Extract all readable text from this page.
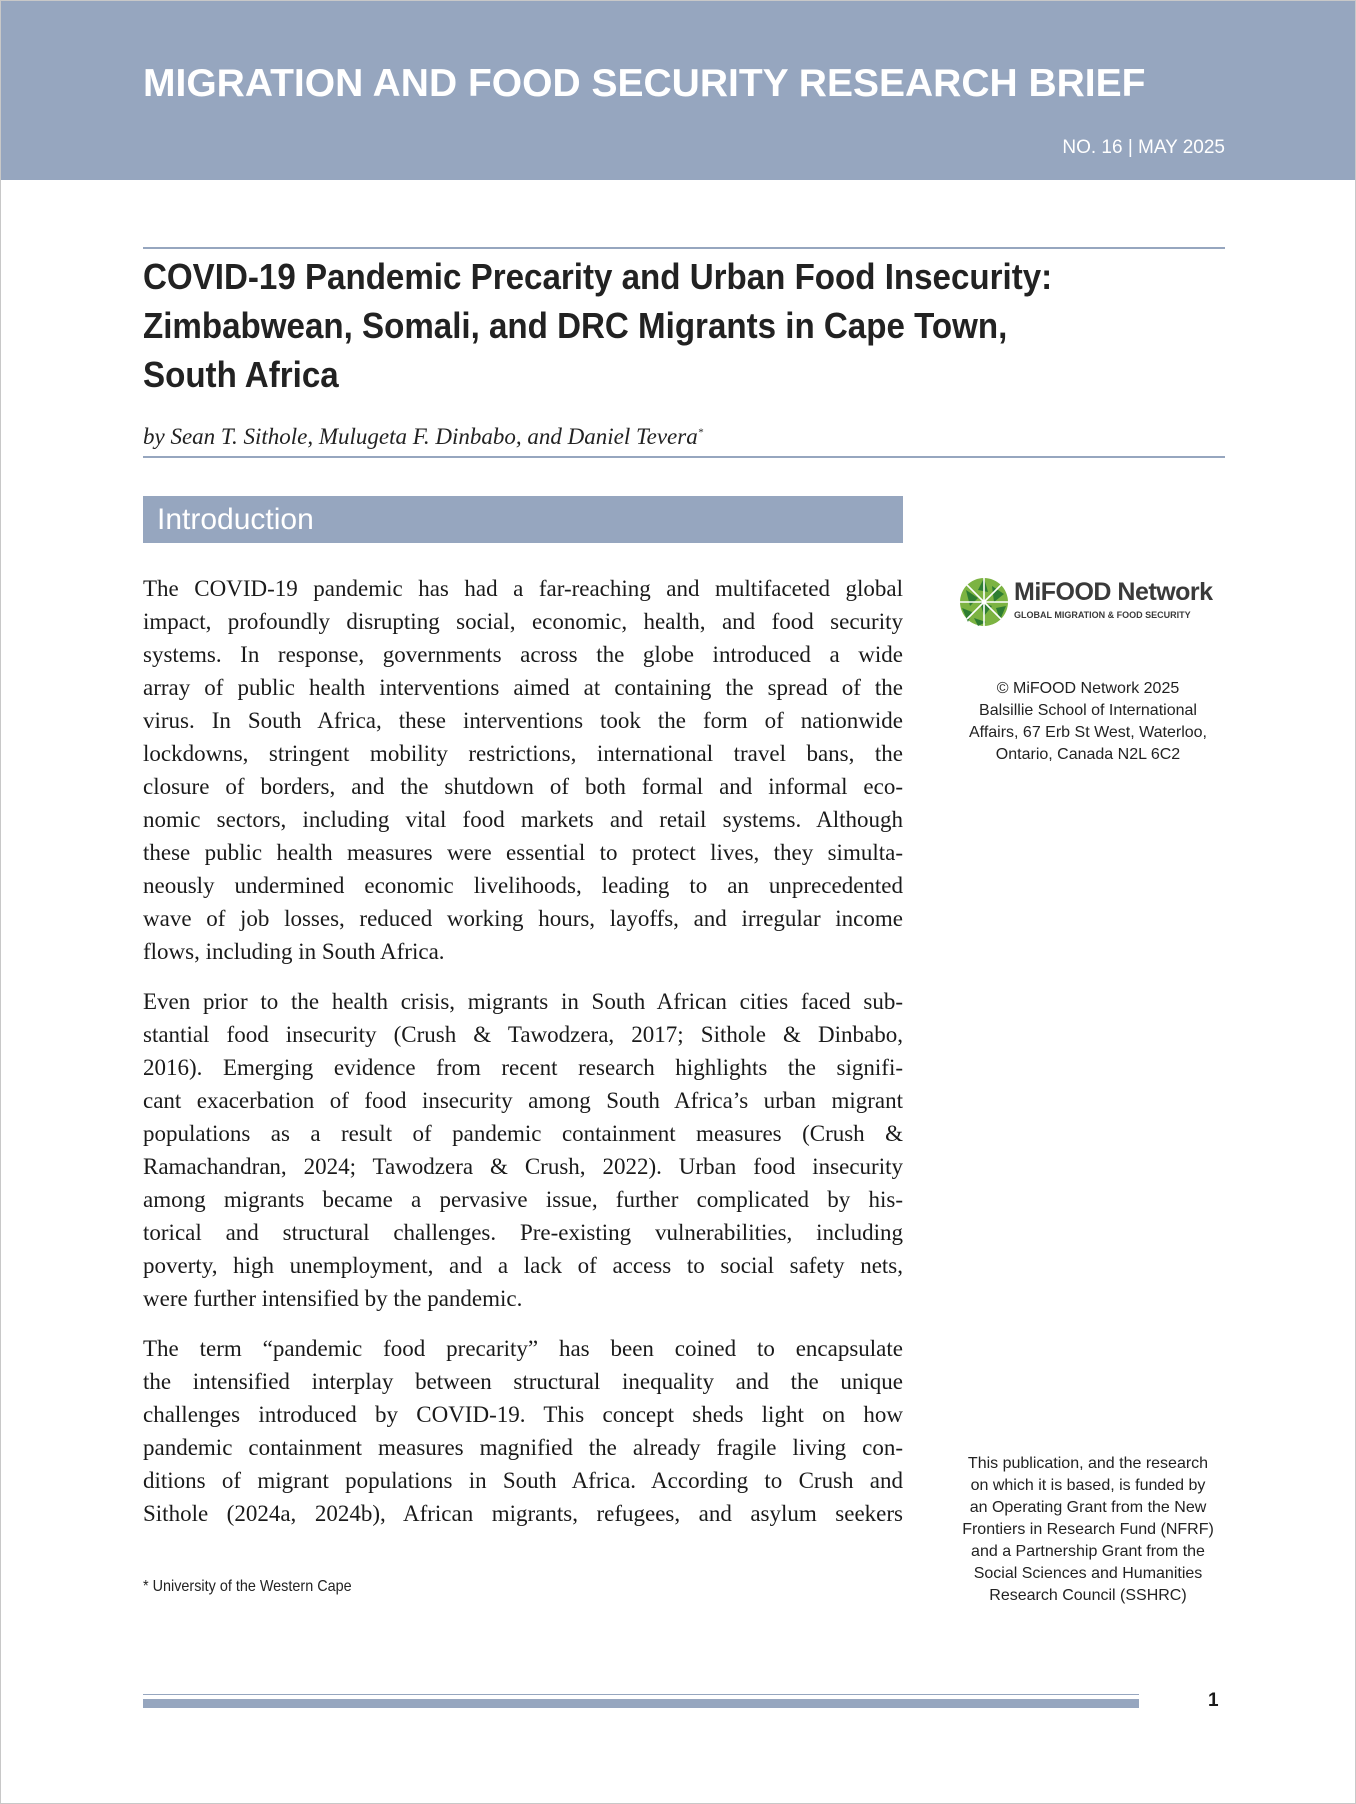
MIGRATION AND FOOD SECURITY RESEARCH BRIEF
NO. 16 | MAY 2025
COVID-19 Pandemic Precarity and Urban Food Insecurity:
Zimbabwean, Somali, and DRC Migrants in Cape Town,
South Africa
by Sean T. Sithole, Mulugeta F. Dinbabo, and Daniel Tevera*
Introduction

The COVID-19 pandemic has had a far-reaching and multifaceted global
impact, profoundly disrupting social, economic, health, and food security
systems. In response, governments across the globe introduced a wide
array of public health interventions aimed at containing the spread of the
virus. In South Africa, these interventions took the form of nationwide
lockdowns, stringent mobility restrictions, international travel bans, the
closure of borders, and the shutdown of both formal and informal eco-
nomic sectors, including vital food markets and retail systems. Although
these public health measures were essential to protect lives, they simulta-
neously undermined economic livelihoods, leading to an unprecedented
wave of job losses, reduced working hours, layoffs, and irregular income
flows, including in South Africa.

Even prior to the health crisis, migrants in South African cities faced sub-
stantial food insecurity (Crush & Tawodzera, 2017; Sithole & Dinbabo,
2016). Emerging evidence from recent research highlights the signifi-
cant exacerbation of food insecurity among South Africa’s urban migrant
populations as a result of pandemic containment measures (Crush &
Ramachandran, 2024; Tawodzera & Crush, 2022). Urban food insecurity
among migrants became a pervasive issue, further complicated by his-
torical and structural challenges. Pre-existing vulnerabilities, including
poverty, high unemployment, and a lack of access to social safety nets,
were further intensified by the pandemic.

The term “pandemic food precarity” has been coined to encapsulate
the intensified interplay between structural inequality and the unique
challenges introduced by COVID-19. This concept sheds light on how
pandemic containment measures magnified the already fragile living con-
ditions of migrant populations in South Africa. According to Crush and
Sithole (2024a, 2024b), African migrants, refugees, and asylum seekers

* University of the Western Cape
MiFOOD Network
GLOBAL MIGRATION & FOOD SECURITY
© MiFOOD Network 2025
Balsillie School of International
Affairs, 67 Erb St West, Waterloo,
Ontario, Canada N2L 6C2
This publication, and the research
on which it is based, is funded by
an Operating Grant from the New
Frontiers in Research Fund (NFRF)
and a Partnership Grant from the
Social Sciences and Humanities
Research Council (SSHRC)
1
